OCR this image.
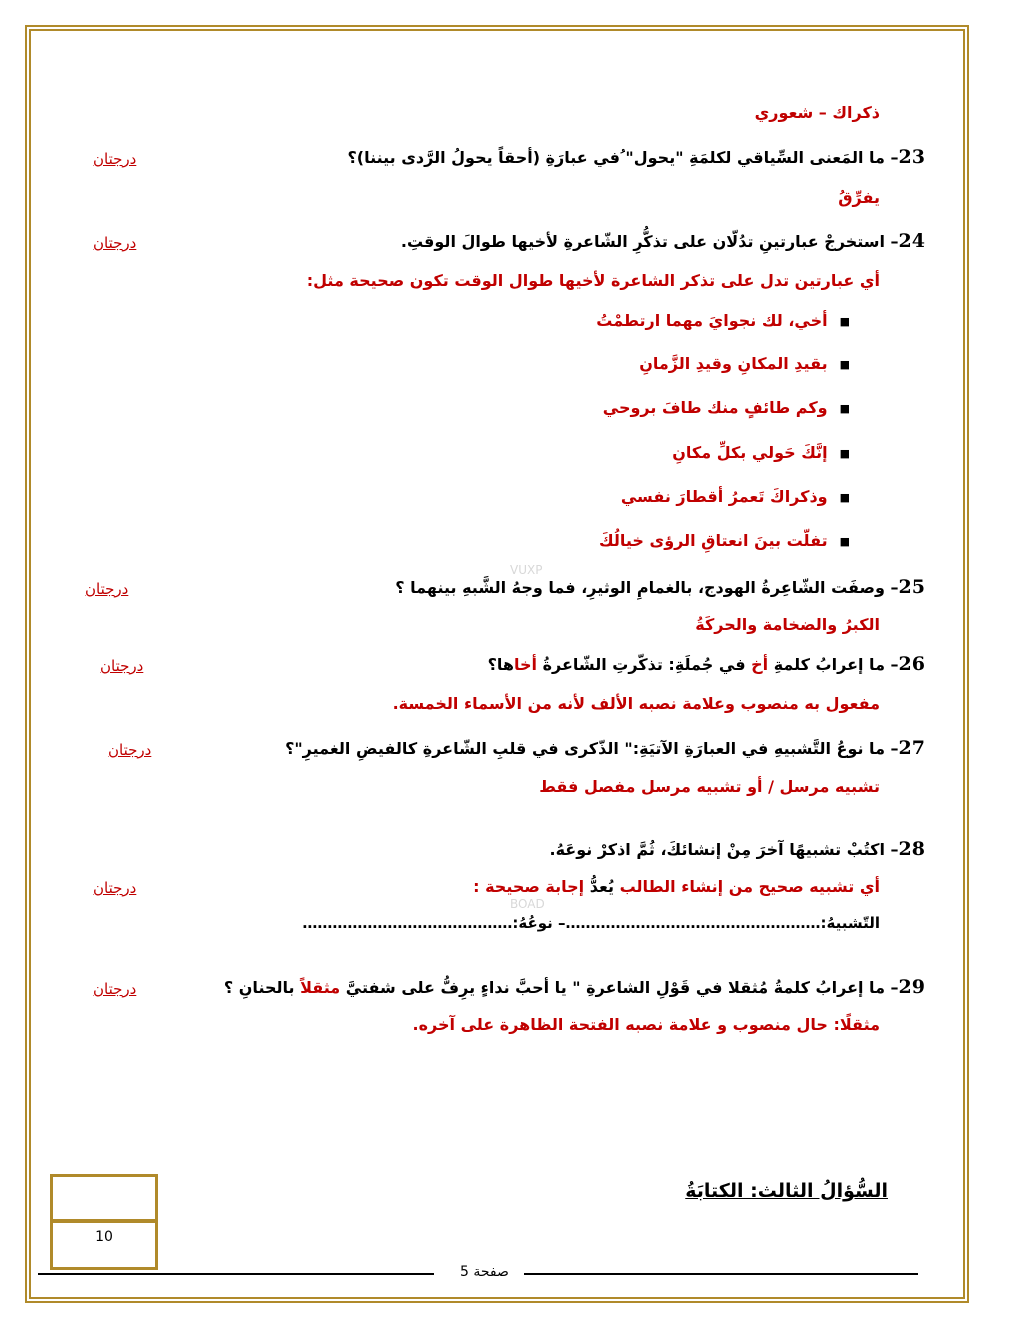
ذكراك – شعوري
23– ما المَعنى السِّياقي لكلمَةِ "يحول" ُفي عبارَةِ (أحقاً يحولُ الرَّدى بيننا)؟
درجتان
يفرِّقُ
24– استخرجْ عبارتينِ تدُلّان على تذكُّرِ الشّاعرةِ لأخيها طوالَ الوقتِ.
درجتان
أي عبارتين تدل على تذكر الشاعرة لأخيها طوال الوقت تكون صحيحة مثل:
■أخي، لك نجوايَ مهما ارتطمْتُ
■بقيدِ المكانِ وقيدِ الزَّمانِ
■وكم طائفٍ منك طافَ بروحي
■إنَّكَ حَولي بكلِّ مكانِ
■وذكراكَ تَعمرُ أقطارَ نفسي
■تفلّت بينَ انعتاقِ الرؤى خيالُكَ
VUXP
25– وصفَت الشّاعِرةُ الهودج، بالغمامِ الوثيرِ، فما وجهُ الشَّبهِ بينهما ؟
درجتان
الكبرُ والضخامة والحركَةُ
26– ما إعرابُ كلمةِ أخ في جُملَةِ: تذكّرتِ الشّاعرةُ أخاها؟
درجتان
مفعول به منصوب وعلامة نصبه الألف لأنه من الأسماء الخمسة.
27– ما نوعُ التَّشبيهِ في العبارَةِ الآتيَةِ:" الذّكرى في قلبِ الشّاعرةِ كالفيضِ الغميرِ"؟
درجتان
تشبيه مرسل / أو تشبيه مرسل مفصل فقط
28– اكتُبْ تشبيهًا آخرَ مِنْ إنشائكَ، ثُمَّ اذكرْ نوعَهُ.
أي تشبيه صحيح من إنشاء الطالب يُعدُّ إجابة صحيحة :
درجتان
BOAD
التّشبيهُ:……………………………………………– نوعُهُ:……………………………………
29– ما إعرابُ كلمةُ مُثقلا في قَوْلِ الشاعرةِ " يا أحبَّ نداءٍ يرِفُّ على شفتيَّ مثقلاً بالحنانِ ؟
درجتان
مثقلًا: حال منصوب و علامة نصبه الفتحة الظاهرة على آخره.
السُّؤالُ الثالث: الكتابَةُ
10
صفحة 5
